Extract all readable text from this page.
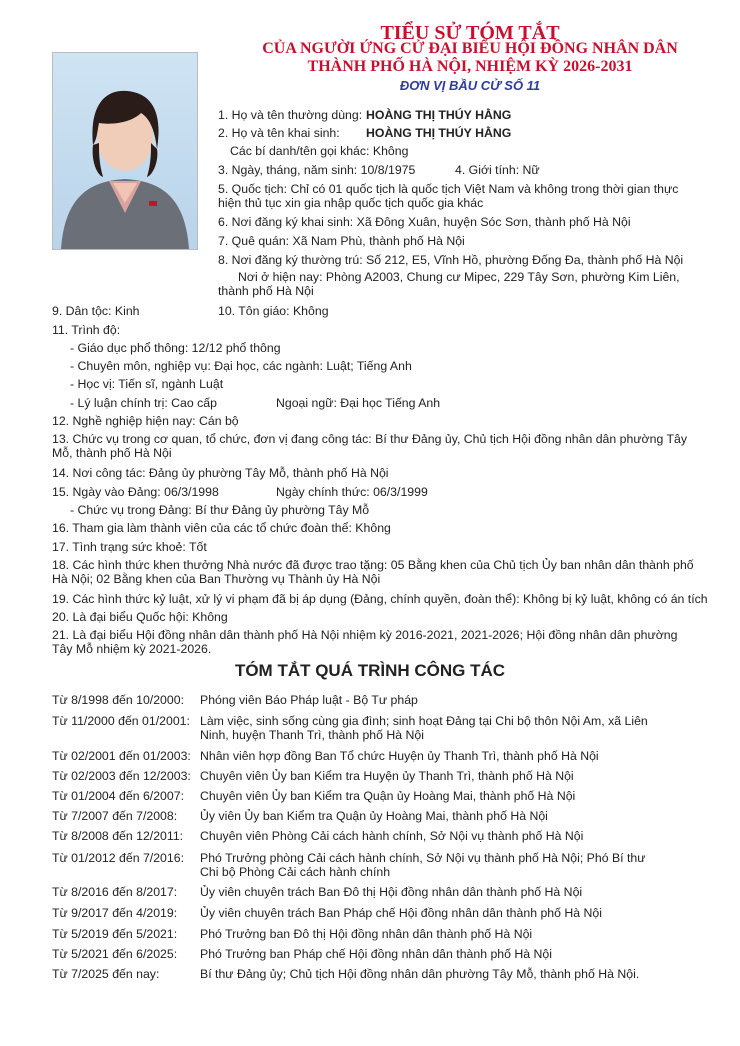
TIỂU SỬ TÓM TẮT
CỦA NGƯỜI ỨNG CỬ ĐẠI BIỂU HỘI ĐỒNG NHÂN DÂN
THÀNH PHỐ HÀ NỘI, NHIỆM KỲ 2026-2031
ĐƠN VỊ BẦU CỬ SỐ 11
1. Họ và tên thường dùng: HOÀNG THỊ THÚY HẰNG
2. Họ và tên khai sinh: HOÀNG THỊ THÚY HẰNG
Các bí danh/tên gọi khác: Không
3. Ngày, tháng, năm sinh: 10/8/1975	4. Giới tính: Nữ
5. Quốc tịch: Chỉ có 01 quốc tịch là quốc tịch Việt Nam và không trong thời gian thực hiện thủ tục xin gia nhập quốc tịch quốc gia khác
6. Nơi đăng ký khai sinh: Xã Đông Xuân, huyện Sóc Sơn, thành phố Hà Nội
7. Quê quán: Xã Nam Phù, thành phố Hà Nội
8. Nơi đăng ký thường trú: Số 212, E5, Vĩnh Hồ, phường Đống Đa, thành phố Hà Nội
Nơi ở hiện nay: Phòng A2003, Chung cư Mipec, 229 Tây Sơn, phường Kim Liên, thành phố Hà Nội
9. Dân tộc: Kinh	10. Tôn giáo: Không
11. Trình độ:
- Giáo dục phổ thông: 12/12 phổ thông
- Chuyên môn, nghiệp vụ: Đại học, các ngành: Luật; Tiếng Anh
- Học vị: Tiến sĩ, ngành Luật
- Lý luận chính trị: Cao cấp	Ngoại ngữ: Đại học Tiếng Anh
12. Nghề nghiệp hiện nay: Cán bộ
13. Chức vụ trong cơ quan, tổ chức, đơn vị đang công tác: Bí thư Đảng ủy, Chủ tịch Hội đồng nhân dân phường Tây Mỗ, thành phố Hà Nội
14. Nơi công tác: Đảng ủy phường Tây Mỗ, thành phố Hà Nội
15. Ngày vào Đảng: 06/3/1998	Ngày chính thức: 06/3/1999
- Chức vụ trong Đảng: Bí thư Đảng ủy phường Tây Mỗ
16. Tham gia làm thành viên của các tổ chức đoàn thể: Không
17. Tình trạng sức khoẻ: Tốt
18. Các hình thức khen thưởng Nhà nước đã được trao tặng: 05 Bằng khen của Chủ tịch Ủy ban nhân dân thành phố Hà Nội; 02 Bằng khen của Ban Thường vụ Thành ủy Hà Nội
19. Các hình thức kỷ luật, xử lý vi phạm đã bị áp dụng (Đảng, chính quyền, đoàn thể): Không bị kỷ luật, không có án tích
20. Là đại biểu Quốc hội: Không
21. Là đại biểu Hội đồng nhân dân thành phố Hà Nội nhiệm kỳ 2016-2021, 2021-2026; Hội đồng nhân dân phường Tây Mỗ nhiệm kỳ 2021-2026.
TÓM TẮT QUÁ TRÌNH CÔNG TÁC
Từ 8/1998 đến 10/2000: Phóng viên Báo Pháp luật - Bộ Tư pháp
Từ 11/2000 đến 01/2001: Làm việc, sinh sống cùng gia đình; sinh hoạt Đảng tại Chi bộ thôn Nội Am, xã Liên Ninh, huyện Thanh Trì, thành phố Hà Nội
Từ 02/2001 đến 01/2003: Nhân viên hợp đồng Ban Tổ chức Huyện ủy Thanh Trì, thành phố Hà Nội
Từ 02/2003 đến 12/2003: Chuyên viên Ủy ban Kiểm tra Huyện ủy Thanh Trì, thành phố Hà Nội
Từ 01/2004 đến 6/2007: Chuyên viên Ủy ban Kiểm tra Quận ủy Hoàng Mai, thành phố Hà Nội
Từ 7/2007 đến 7/2008: Ủy viên Ủy ban Kiểm tra Quận ủy Hoàng Mai, thành phố Hà Nội
Từ 8/2008 đến 12/2011: Chuyên viên Phòng Cải cách hành chính, Sở Nội vụ thành phố Hà Nội
Từ 01/2012 đến 7/2016: Phó Trưởng phòng Cải cách hành chính, Sở Nội vụ thành phố Hà Nội; Phó Bí thư Chi bộ Phòng Cải cách hành chính
Từ 8/2016 đến 8/2017: Ủy viên chuyên trách Ban Đô thị Hội đồng nhân dân thành phố Hà Nội
Từ 9/2017 đến 4/2019: Ủy viên chuyên trách Ban Pháp chế Hội đồng nhân dân thành phố Hà Nội
Từ 5/2019 đến 5/2021: Phó Trưởng ban Đô thị Hội đồng nhân dân thành phố Hà Nội
Từ 5/2021 đến 6/2025: Phó Trưởng ban Pháp chế Hội đồng nhân dân thành phố Hà Nội
Từ 7/2025 đến nay:	Bí thư Đảng ủy; Chủ tịch Hội đồng nhân dân phường Tây Mỗ, thành phố Hà Nội.
